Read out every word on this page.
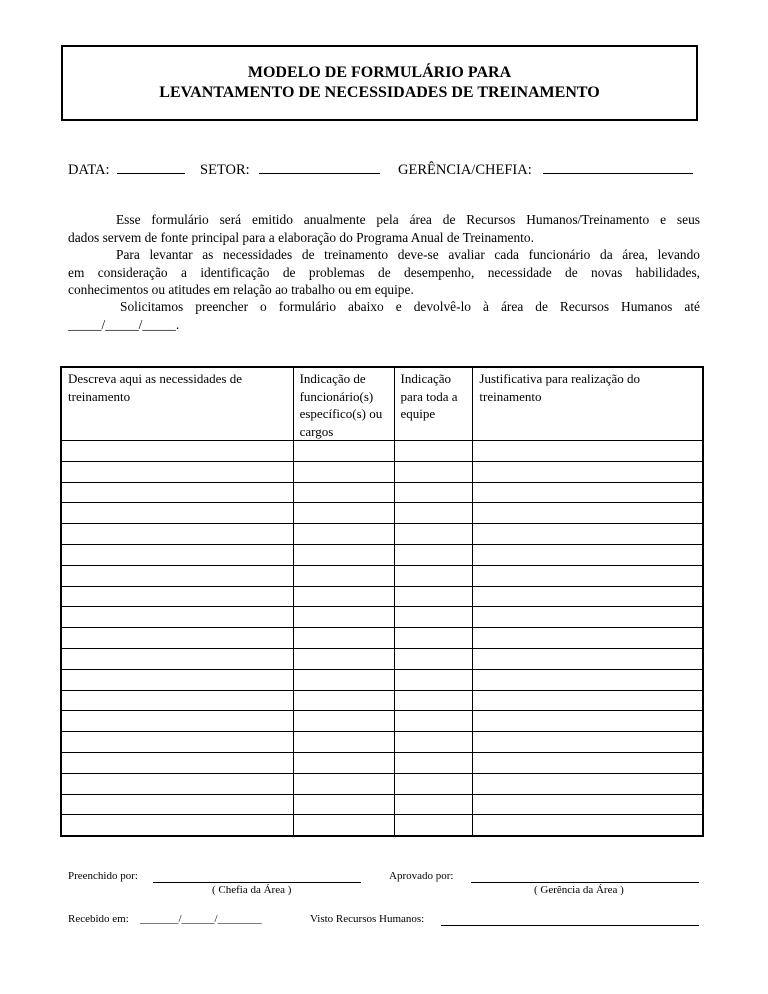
MODELO DE FORMULÁRIO PARA
LEVANTAMENTO DE NECESSIDADES DE TREINAMENTO
DATA:	SETOR:	GERÊNCIA/CHEFIA:
Esse formulário será emitido anualmente pela área de Recursos Humanos/Treinamento e seus
dados servem de fonte principal para a elaboração do Programa Anual de Treinamento.
Para levantar as necessidades de treinamento deve-se avaliar cada funcionário da área, levando
em consideração a identificação de problemas de desempenho, necessidade de novas habilidades,
conhecimentos ou atitudes em relação ao trabalho ou em equipe.
Solicitamos preencher o formulário abaixo e devolvê-lo à área de Recursos Humanos até
_____/_____/_____.
Descreva aqui as necessidades de treinamento	Indicação de funcionário(s) específico(s) ou cargos	Indicação para toda a equipe	Justificativa para realização do treinamento

Preenchido por:
( Chefia da Área )
Aprovado por:
( Gerência da Área )
Recebido em: _______/______/________	Visto Recursos Humanos:
